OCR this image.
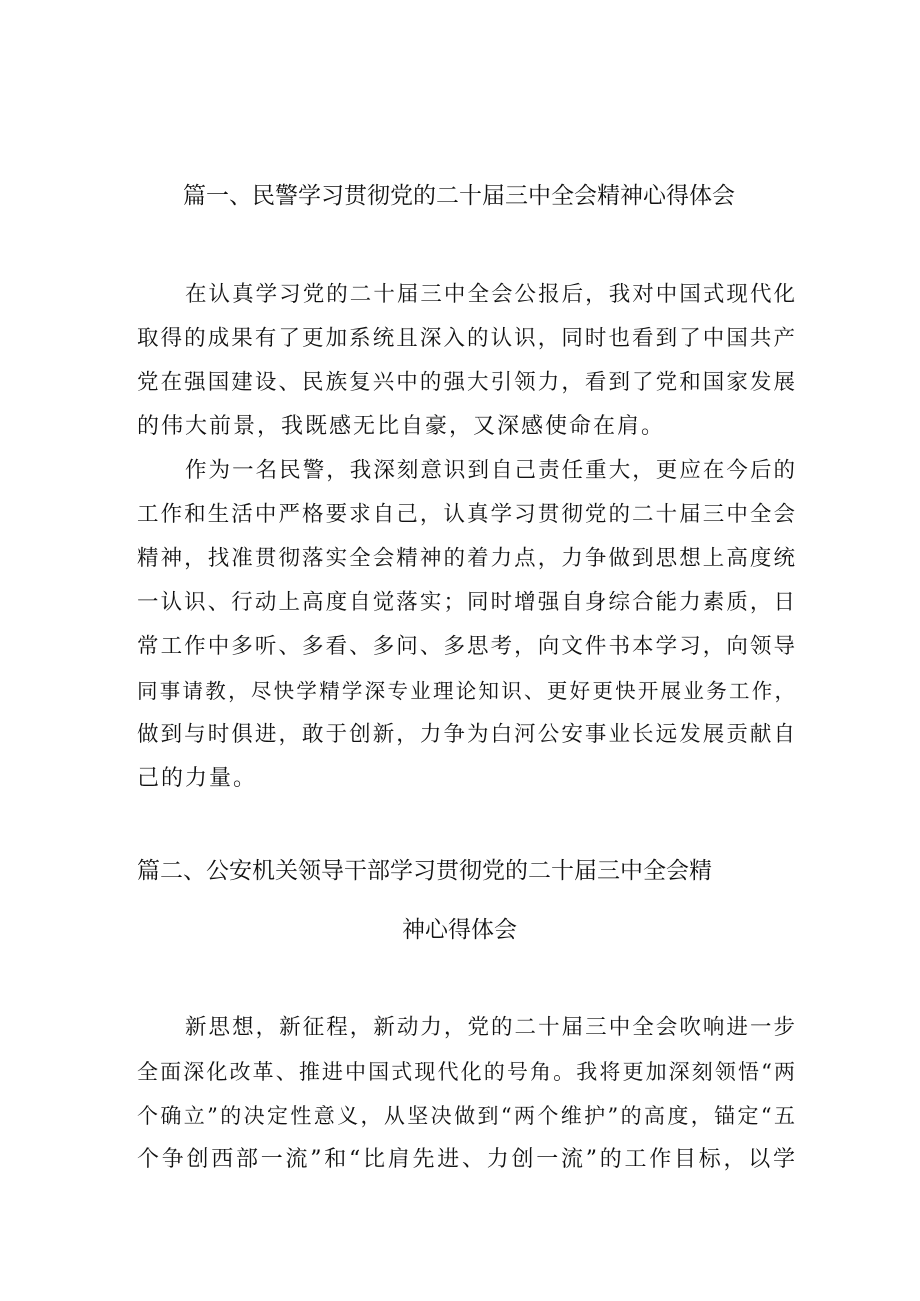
篇一、民警学习贯彻党的二十届三中全会精神心得体会
在认真学习党的二十届三中全会公报后，我对中国式现代化
取得的成果有了更加系统且深入的认识，同时也看到了中国共产
党在强国建设、民族复兴中的强大引领力，看到了党和国家发展
的伟大前景，我既感无比自豪，又深感使命在肩。
作为一名民警，我深刻意识到自己责任重大，更应在今后的
工作和生活中严格要求自己，认真学习贯彻党的二十届三中全会
精神，找准贯彻落实全会精神的着力点，力争做到思想上高度统
一认识、行动上高度自觉落实；同时增强自身综合能力素质，日
常工作中多听、多看、多问、多思考，向文件书本学习，向领导
同事请教，尽快学精学深专业理论知识、更好更快开展业务工作，
做到与时俱进，敢于创新，力争为白河公安事业长远发展贡献自
己的力量。
篇二、公安机关领导干部学习贯彻党的二十届三中全会精
神心得体会
新思想，新征程，新动力，党的二十届三中全会吹响进一步
全面深化改革、推进中国式现代化的号角。我将更加深刻领悟“两
个确立”的决定性意义，从坚决做到“两个维护”的高度，锚定“五
个争创西部一流”和“比肩先进、力创一流”的工作目标，以学
